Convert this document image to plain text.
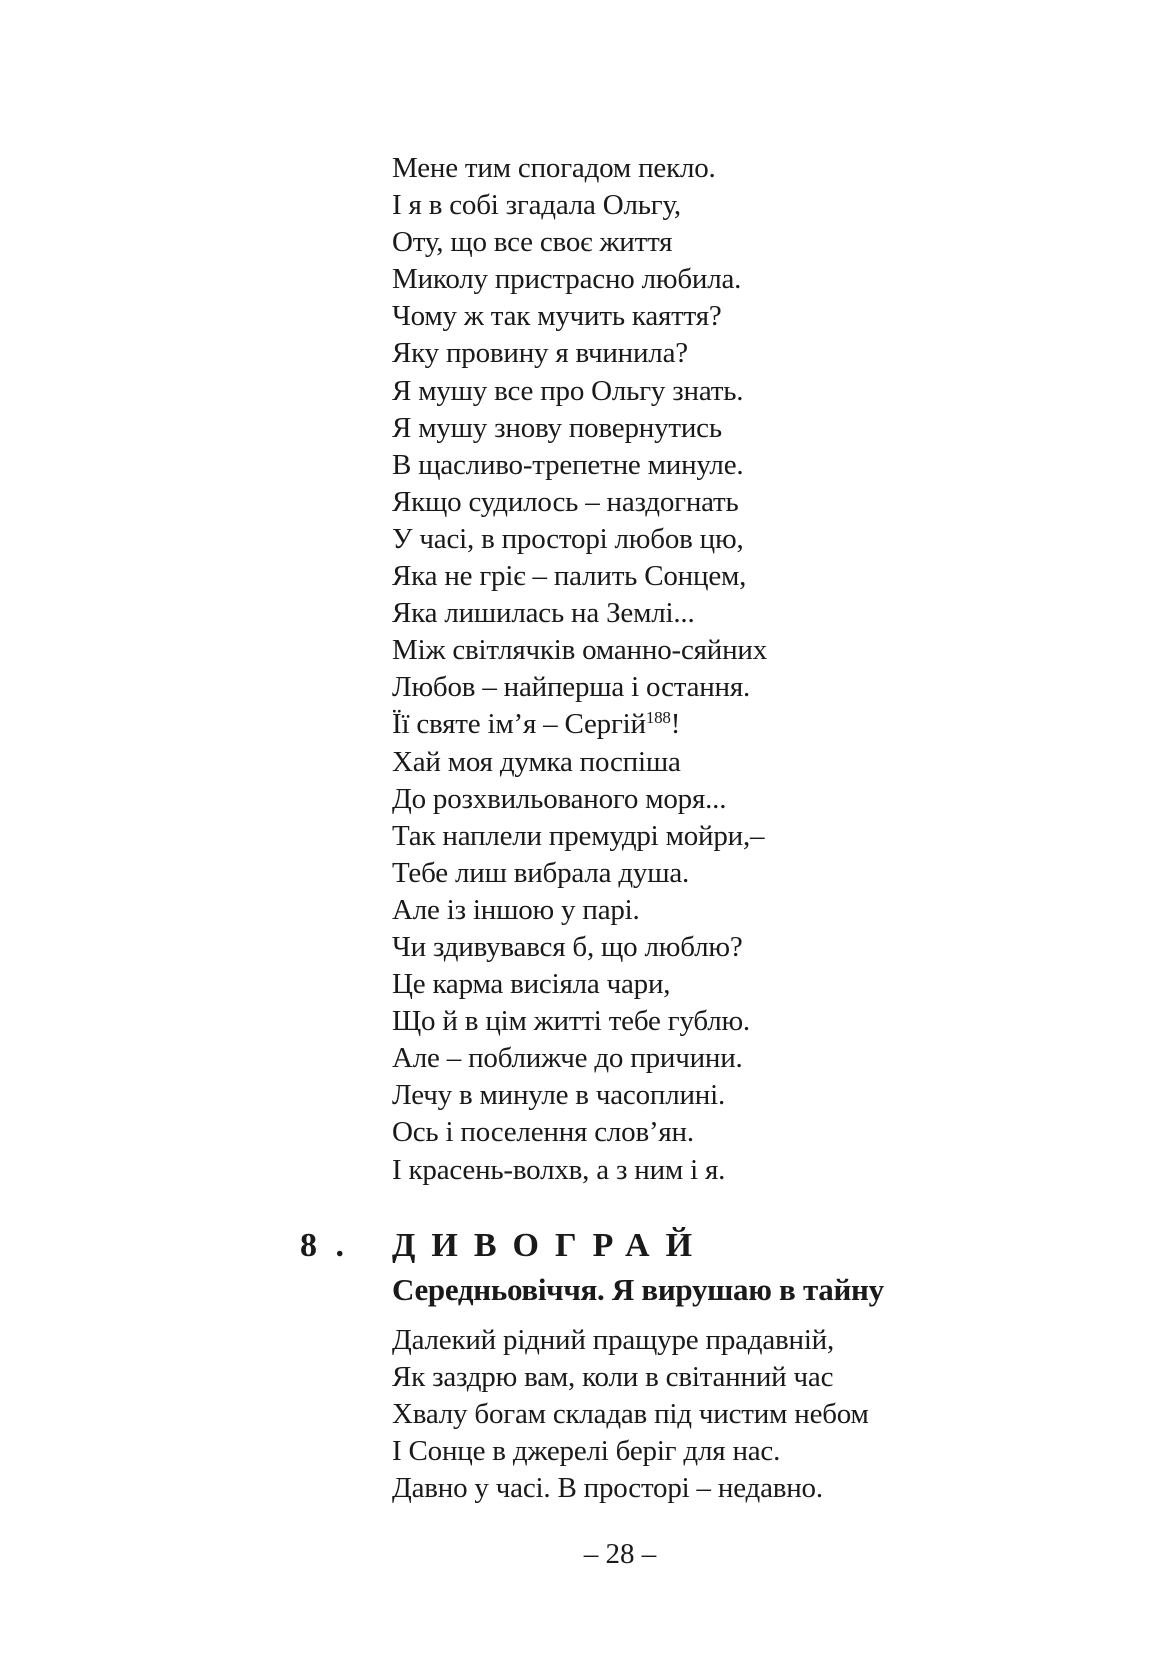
Мене тим спогадом пекло.
І я в собі згадала Ольгу,
Оту, що все своє життя
Миколу пристрасно любила.
Чому ж так мучить каяття?
Яку провину я вчинила?
Я мушу все про Ольгу знать.
Я мушу знову повернутись
В щасливо-трепетне минуле.
Якщо судилось – наздогнать
У часі, в просторі любов цю,
Яка не гріє – палить Сонцем,
Яка лишилась на Землі...
Між світлячків оманно-сяйних
Любов – найперша і остання.
Її святе ім’я – Сергій$^{188}$!
Хай моя думка поспіша
До розхвильованого моря...
Так наплели премудрі мойри,–
Тебе лиш вибрала душа.
Але із іншою у парі.
Чи здивувався б, що люблю?
Це карма висіяла чари,
Що й в цім житті тебе гублю.
Але – поближче до причини.
Лечу в минуле в часоплині.
Ось і поселення слов’ян.
І красень-волхв, а з ним і я.
8 . ДИВОГРАЙ
Середньовіччя. Я вирушаю в тайну
Далекий рідний пращуре прадавній,
Як заздрю вам, коли в світанний час
Хвалу богам складав під чистим небом
І Сонце в джерелі беріг для нас.
Давно у часі. В просторі – недавно.
– 28 –
